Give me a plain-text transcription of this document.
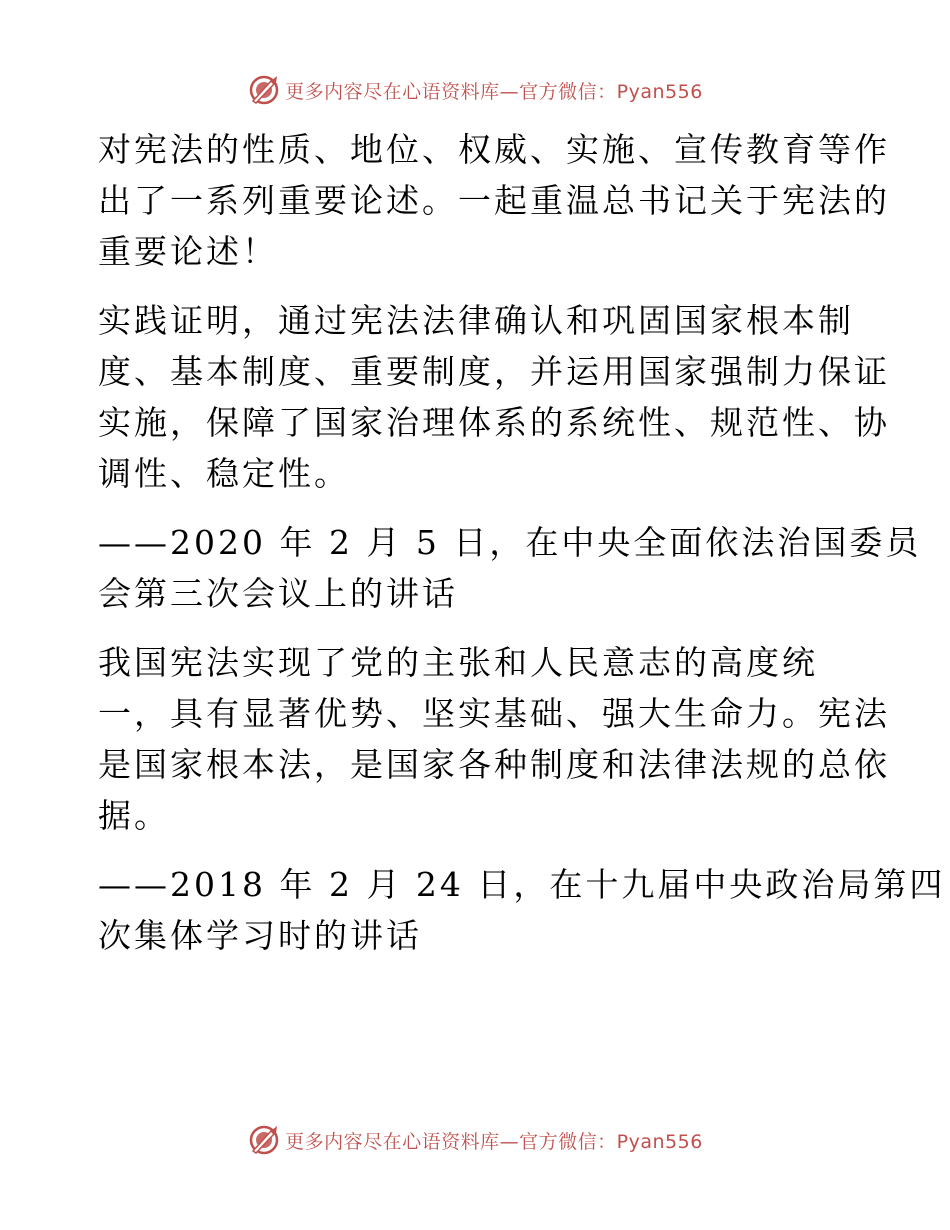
更多内容尽在心语资料库—官方微信：Pyan556

对宪法的性质、地位、权威、实施、宣传教育等作
出了一系列重要论述。一起重温总书记关于宪法的
重要论述！

实践证明，通过宪法法律确认和巩固国家根本制
度、基本制度、重要制度，并运用国家强制力保证
实施，保障了国家治理体系的系统性、规范性、协
调性、稳定性。

——2020 年 2 月 5 日，在中央全面依法治国委员
会第三次会议上的讲话

我国宪法实现了党的主张和人民意志的高度统
一，具有显著优势、坚实基础、强大生命力。宪法
是国家根本法，是国家各种制度和法律法规的总依
据。

——2018 年 2 月 24 日，在十九届中央政治局第四
次集体学习时的讲话

更多内容尽在心语资料库—官方微信：Pyan556
